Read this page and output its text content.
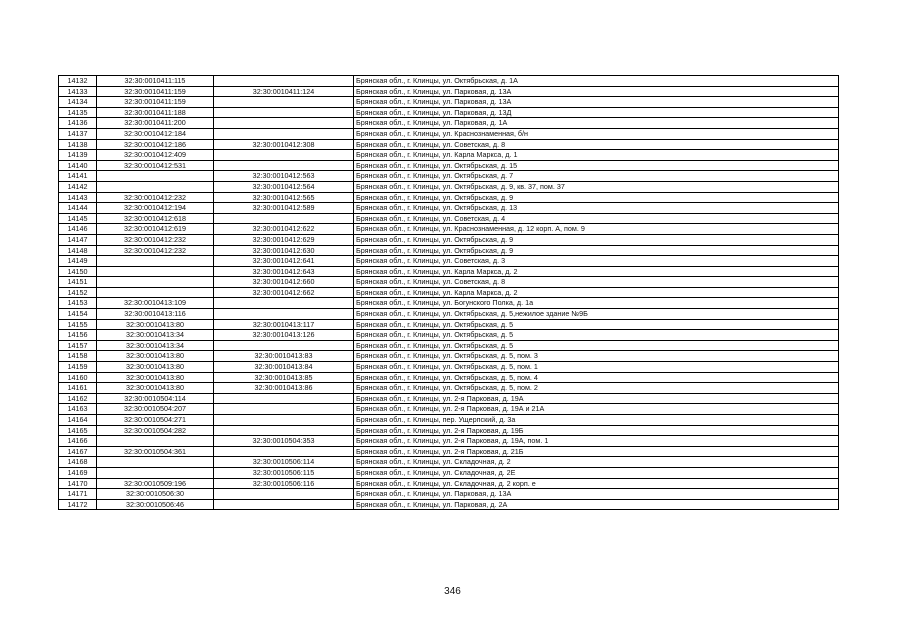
14132	32:30:0010411:115		Брянская обл., г. Клинцы, ул. Октябрьская, д. 1А
14133	32:30:0010411:159	32:30:0010411:124	Брянская обл., г. Клинцы, ул. Парковая, д. 13А
14134	32:30:0010411:159		Брянская обл., г. Клинцы, ул. Парковая, д. 13А
14135	32:30:0010411:188		Брянская обл., г. Клинцы, ул. Парковая, д. 13Д
14136	32:30:0010411:200		Брянская обл., г. Клинцы, ул. Парковая, д. 1А
14137	32:30:0010412:184		Брянская обл., г. Клинцы, ул. Краснознаменная, б/н
14138	32:30:0010412:186	32:30:0010412:308	Брянская обл., г. Клинцы, ул. Советская, д. 8
14139	32:30:0010412:409		Брянская обл., г. Клинцы, ул. Карла Маркса, д. 1
14140	32:30:0010412:531		Брянская обл., г. Клинцы, ул. Октябрьская, д. 15
14141		32:30:0010412:563	Брянская обл., г. Клинцы, ул. Октябрьская, д. 7
14142		32:30:0010412:564	Брянская обл., г. Клинцы, ул. Октябрьская, д. 9, кв. 37, пом. 37
14143	32:30:0010412:232	32:30:0010412:565	Брянская обл., г. Клинцы, ул. Октябрьская, д. 9
14144	32:30:0010412:194	32:30:0010412:589	Брянская обл., г. Клинцы, ул. Октябрьская, д. 13
14145	32:30:0010412:618		Брянская обл., г. Клинцы, ул. Советская, д. 4
14146	32:30:0010412:619	32:30:0010412:622	Брянская обл., г. Клинцы, ул. Краснознаменная, д. 12 корп. А, пом. 9
14147	32:30:0010412:232	32:30:0010412:629	Брянская обл., г. Клинцы, ул. Октябрьская, д. 9
14148	32:30:0010412:232	32:30:0010412:630	Брянская обл., г. Клинцы, ул. Октябрьская, д. 9
14149		32:30:0010412:641	Брянская обл., г. Клинцы, ул. Советская, д. 3
14150		32:30:0010412:643	Брянская обл., г. Клинцы, ул. Карла Маркса, д. 2
14151		32:30:0010412:660	Брянская обл., г. Клинцы, ул. Советская, д. 8
14152		32:30:0010412:662	Брянская обл., г. Клинцы, ул. Карла Маркса, д. 2
14153	32:30:0010413:109		Брянская обл., г. Клинцы, ул. Богунского Полка, д. 1а
14154	32:30:0010413:116		Брянская обл., г. Клинцы, ул. Октябрьская, д. 5,нежилое здание №9Б
14155	32:30:0010413:80	32:30:0010413:117	Брянская обл., г. Клинцы, ул. Октябрьская, д. 5
14156	32:30:0010413:34	32:30:0010413:126	Брянская обл., г. Клинцы, ул. Октябрьская, д. 5
14157	32:30:0010413:34		Брянская обл., г. Клинцы, ул. Октябрьская, д. 5
14158	32:30:0010413:80	32:30:0010413:83	Брянская обл., г. Клинцы, ул. Октябрьская, д. 5, пом. 3
14159	32:30:0010413:80	32:30:0010413:84	Брянская обл., г. Клинцы, ул. Октябрьская, д. 5, пом. 1
14160	32:30:0010413:80	32:30:0010413:85	Брянская обл., г. Клинцы, ул. Октябрьская, д. 5, пом. 4
14161	32:30:0010413:80	32:30:0010413:86	Брянская обл., г. Клинцы, ул. Октябрьская, д. 5, пом. 2
14162	32:30:0010504:114		Брянская обл., г. Клинцы, ул. 2-я Парковая, д. 19А
14163	32:30:0010504:207		Брянская обл., г. Клинцы, ул. 2-я Парковая, д. 19А и 21А
14164	32:30:0010504:271		Брянская обл., г. Клинцы, пер. Ущерпский, д. 3а
14165	32:30:0010504:282		Брянская обл., г. Клинцы, ул. 2-я Парковая, д. 19Б
14166		32:30:0010504:353	Брянская обл., г. Клинцы, ул. 2-я Парковая, д. 19А, пом. 1
14167	32:30:0010504:361		Брянская обл., г. Клинцы, ул. 2-я Парковая, д. 21Б
14168		32:30:0010506:114	Брянская обл., г. Клинцы, ул. Складочная, д. 2
14169		32:30:0010506:115	Брянская обл., г. Клинцы, ул. Складочная, д. 2Е
14170	32:30:0010509:196	32:30:0010506:116	Брянская обл., г. Клинцы, ул. Складочная, д. 2 корп. е
14171	32:30:0010506:30		Брянская обл., г. Клинцы, ул. Парковая, д. 13А
14172	32:30:0010506:46		Брянская обл., г. Клинцы, ул. Парковая, д. 2А
346
